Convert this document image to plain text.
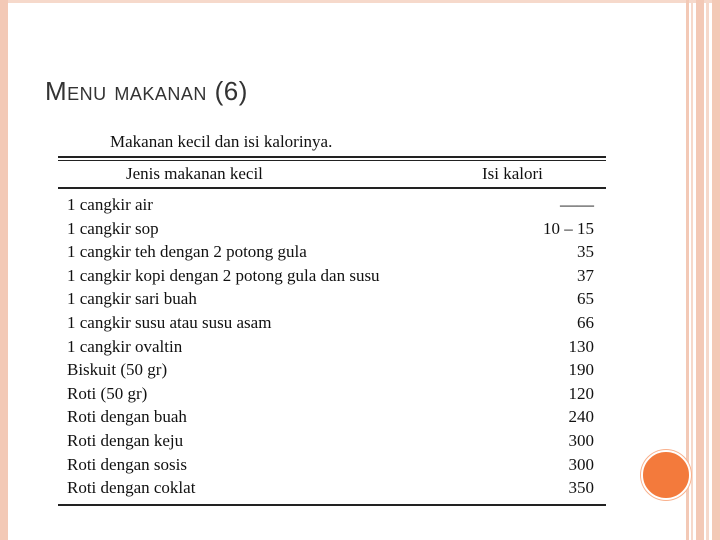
Menu makanan (6)

Makanan kecil dan isi kalorinya.

Jenis makanan kecil	Isi kalori
1 cangkir air	——
1 cangkir sop	10 – 15
1 cangkir teh dengan 2 potong gula	35
1 cangkir kopi dengan 2 potong gula dan susu	37
1 cangkir sari buah	65
1 cangkir susu atau susu asam	66
1 cangkir ovaltin	130
Biskuit (50 gr)	190
Roti (50 gr)	120
Roti dengan buah	240
Roti dengan keju	300
Roti dengan sosis	300
Roti dengan coklat	350
